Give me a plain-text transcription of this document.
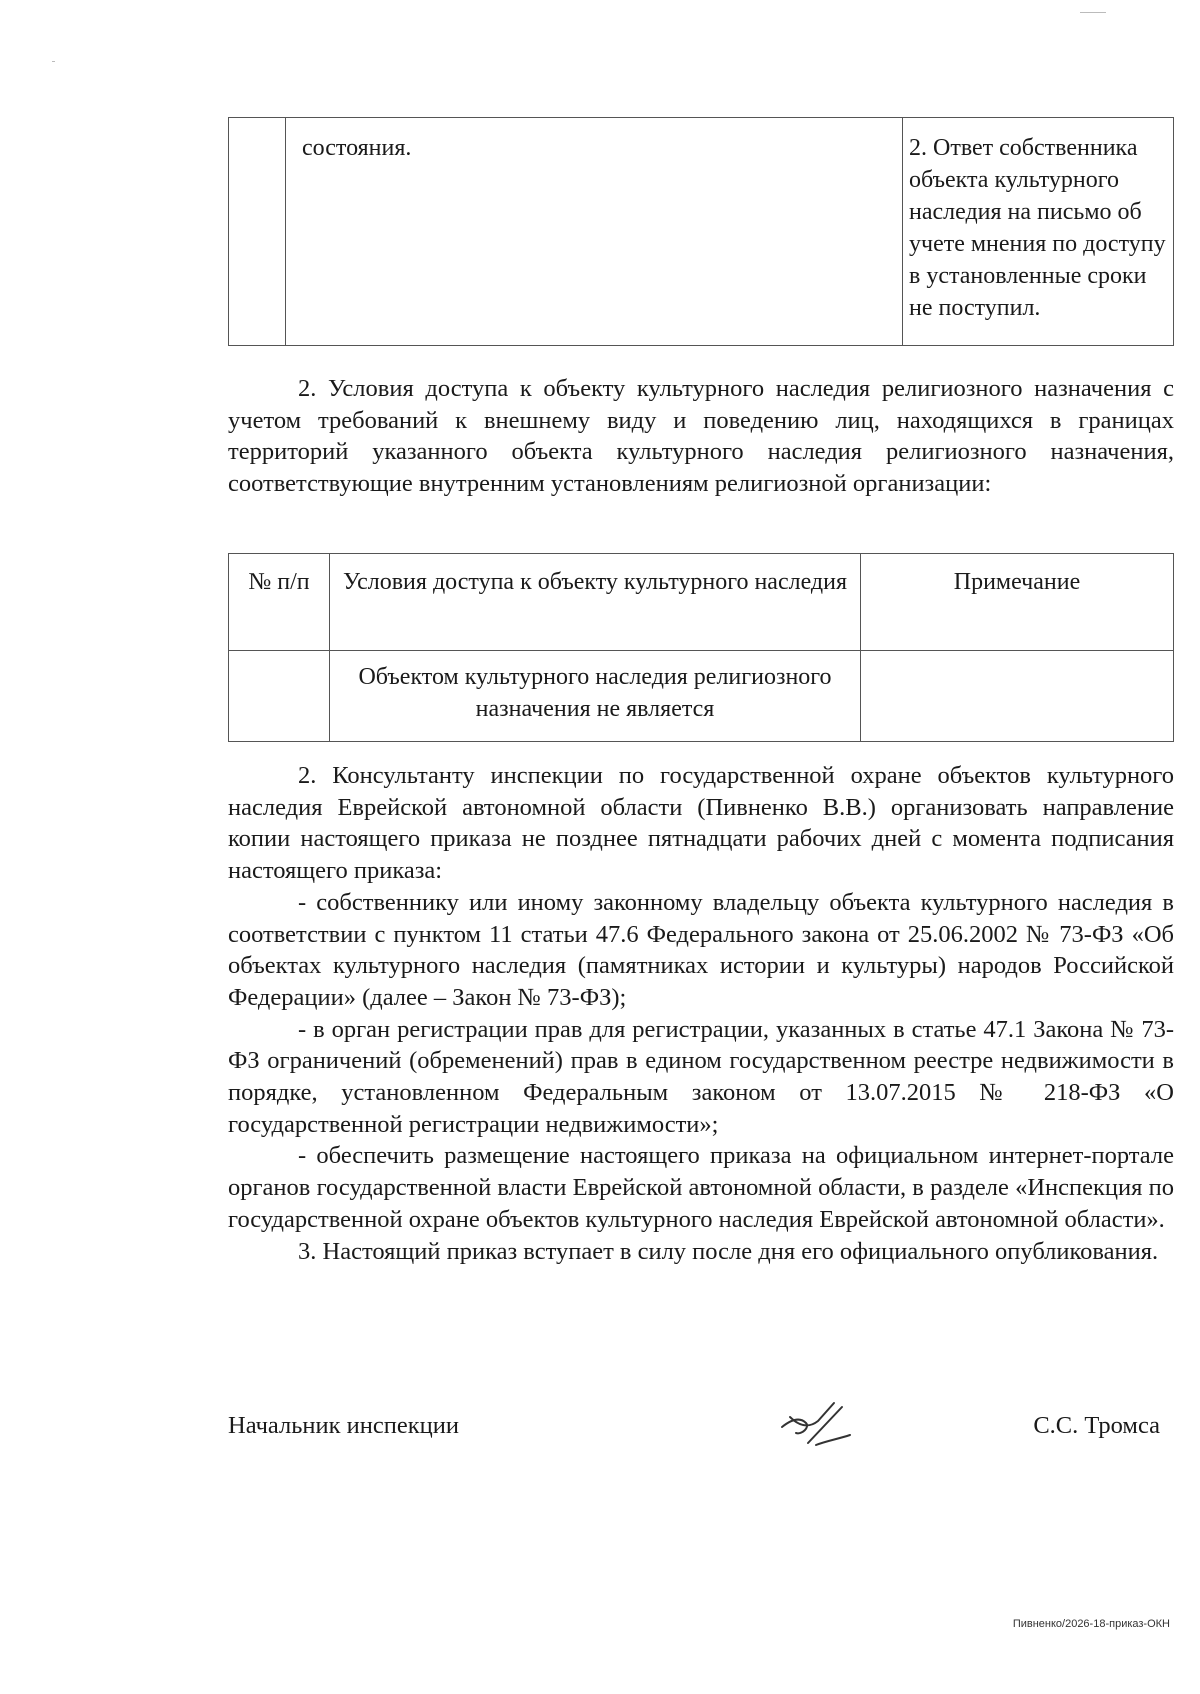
	состояния.	2. Ответ собственника объекта культурного наследия на письмо об учете мнения по доступу в установленные сроки не поступил.

2. Условия доступа к объекту культурного наследия религиозного назначения с учетом требований к внешнему виду и поведению лиц, находящихся в границах территорий указанного объекта культурного наследия религиозного назначения, соответствующие внутренним установлениям религиозной организации:

№ п/п	Условия доступа к объекту культурного наследия	Примечание
	Объектом культурного наследия религиозного назначения не является	

2. Консультанту инспекции по государственной охране объектов культурного наследия Еврейской автономной области (Пивненко В.В.) организовать направление копии настоящего приказа не позднее пятнадцати рабочих дней с момента подписания настоящего приказа:

- собственнику или иному законному владельцу объекта культурного наследия в соответствии с пунктом 11 статьи 47.6 Федерального закона от 25.06.2002 № 73-ФЗ «Об объектах культурного наследия (памятниках истории и культуры) народов Российской Федерации» (далее – Закон № 73-ФЗ);

- в орган регистрации прав для регистрации, указанных в статье 47.1 Закона № 73-ФЗ ограничений (обременений) прав в едином государственном реестре недвижимости в порядке, установленном Федеральным законом от 13.07.2015 № 218-ФЗ «О государственной регистрации недвижимости»;

- обеспечить размещение настоящего приказа на официальном интернет-портале органов государственной власти Еврейской автономной области, в разделе «Инспекция по государственной охране объектов культурного наследия Еврейской автономной области».

3. Настоящий приказ вступает в силу после дня его официального опубликования.

Начальник инспекции	С.С. Тромса
Пивненко/2026-18-приказ-ОКН
